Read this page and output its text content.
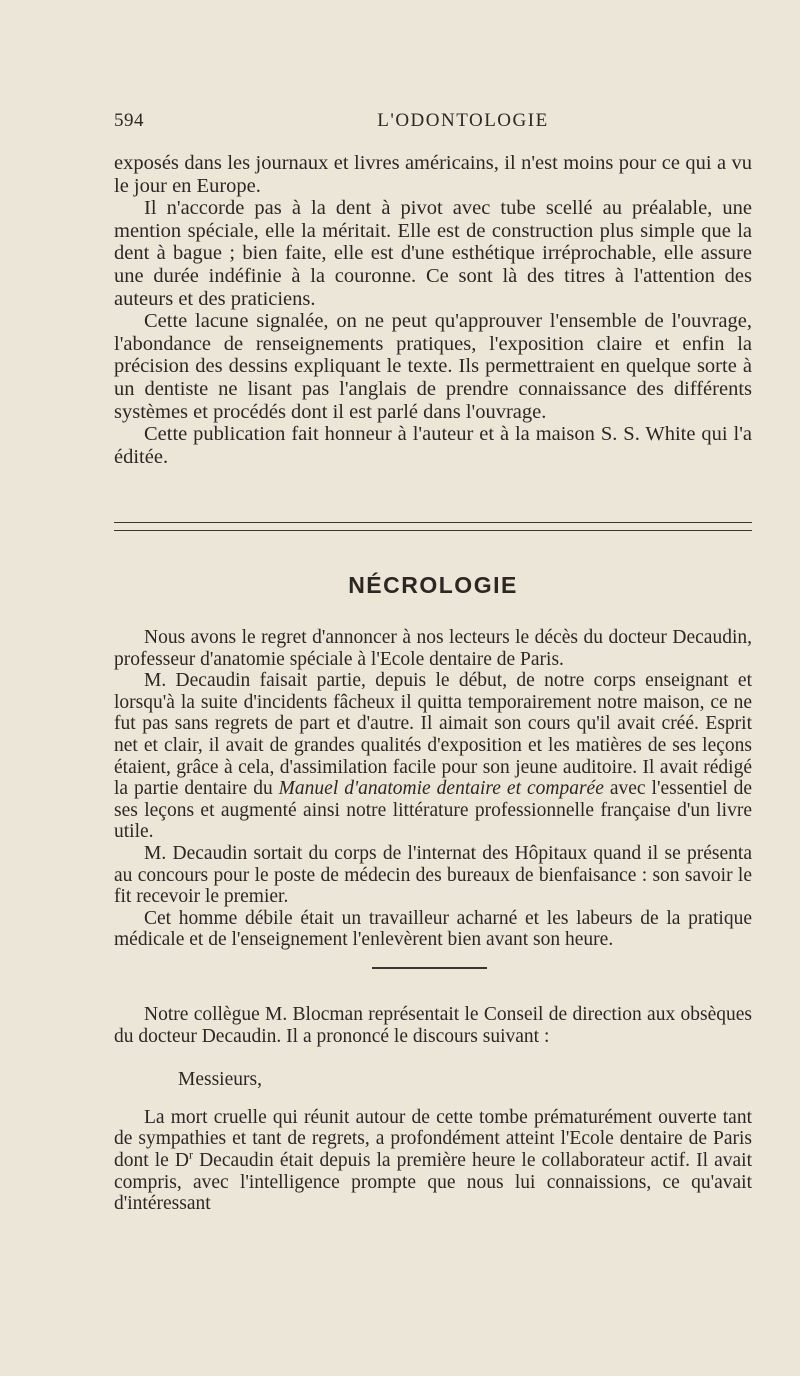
594	L'ODONTOLOGIE

exposés dans les journaux et livres américains, il n'est moins pour ce qui a vu le jour en Europe.

Il n'accorde pas à la dent à pivot avec tube scellé au préalable, une mention spéciale, elle la méritait. Elle est de construction plus simple que la dent à bague ; bien faite, elle est d'une esthétique irréprochable, elle assure une durée indéfinie à la couronne. Ce sont là des titres à l'attention des auteurs et des praticiens.

Cette lacune signalée, on ne peut qu'approuver l'ensemble de l'ouvrage, l'abondance de renseignements pratiques, l'exposition claire et enfin la précision des dessins expliquant le texte. Ils permettraient en quelque sorte à un dentiste ne lisant pas l'anglais de prendre connaissance des différents systèmes et procédés dont il est parlé dans l'ouvrage.

Cette publication fait honneur à l'auteur et à la maison S. S. White qui l'a éditée.

NÉCROLOGIE

Nous avons le regret d'annoncer à nos lecteurs le décès du docteur Decaudin, professeur d'anatomie spéciale à l'Ecole dentaire de Paris.

M. Decaudin faisait partie, depuis le début, de notre corps enseignant et lorsqu'à la suite d'incidents fâcheux il quitta temporairement notre maison, ce ne fut pas sans regrets de part et d'autre. Il aimait son cours qu'il avait créé. Esprit net et clair, il avait de grandes qualités d'exposition et les matières de ses leçons étaient, grâce à cela, d'assimilation facile pour son jeune auditoire. Il avait rédigé la partie dentaire du Manuel d'anatomie dentaire et comparée avec l'essentiel de ses leçons et augmenté ainsi notre littérature professionnelle française d'un livre utile.

M. Decaudin sortait du corps de l'internat des Hôpitaux quand il se présenta au concours pour le poste de médecin des bureaux de bienfaisance : son savoir le fit recevoir le premier.

Cet homme débile était un travailleur acharné et les labeurs de la pratique médicale et de l'enseignement l'enlevèrent bien avant son heure.

Notre collègue M. Blocman représentait le Conseil de direction aux obsèques du docteur Decaudin. Il a prononcé le discours suivant :

Messieurs,

La mort cruelle qui réunit autour de cette tombe prématurément ouverte tant de sympathies et tant de regrets, a profondément atteint l'Ecole dentaire de Paris dont le $D^r$ Decaudin était depuis la première heure le collaborateur actif. Il avait compris, avec l'intelligence prompte que nous lui connaissions, ce qu'avait d'intéressant
